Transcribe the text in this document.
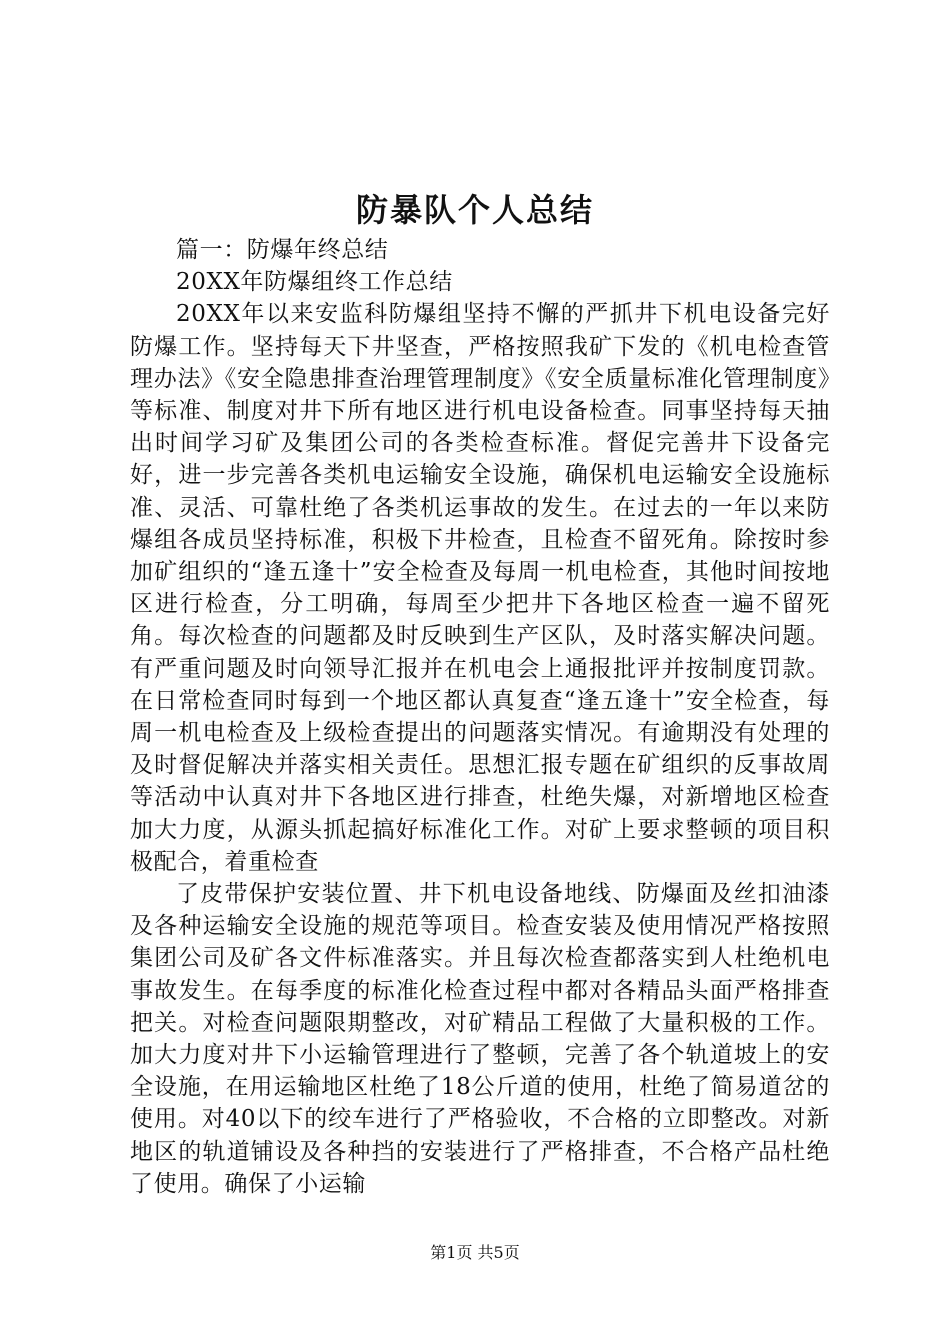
防暴队个人总结

篇一：防爆年终总结

20XX年防爆组终工作总结

20XX年以来安监科防爆组坚持不懈的严抓井下机电设备完好防爆工作。坚持每天下井坚查，严格按照我矿下发的《机电检查管理办法》《安全隐患排查治理管理制度》《安全质量标准化管理制度》等标准、制度对井下所有地区进行机电设备检查。同事坚持每天抽出时间学习矿及集团公司的各类检查标准。督促完善井下设备完好，进一步完善各类机电运输安全设施，确保机电运输安全设施标准、灵活、可靠杜绝了各类机运事故的发生。在过去的一年以来防爆组各成员坚持标准，积极下井检查，且检查不留死角。除按时参加矿组织的“逢五逢十”安全检查及每周一机电检查，其他时间按地区进行检查，分工明确，每周至少把井下各地区检查一遍不留死角。每次检查的问题都及时反映到生产区队，及时落实解决问题。有严重问题及时向领导汇报并在机电会上通报批评并按制度罚款。在日常检查同时每到一个地区都认真复查“逢五逢十”安全检查，每周一机电检查及上级检查提出的问题落实情况。有逾期没有处理的及时督促解决并落实相关责任。思想汇报专题在矿组织的反事故周等活动中认真对井下各地区进行排查，杜绝失爆，对新增地区检查加大力度，从源头抓起搞好标准化工作。对矿上要求整顿的项目积极配合，着重检查

了皮带保护安装位置、井下机电设备地线、防爆面及丝扣油漆及各种运输安全设施的规范等项目。检查安装及使用情况严格按照集团公司及矿各文件标准落实。并且每次检查都落实到人杜绝机电事故发生。在每季度的标准化检查过程中都对各精品头面严格排查把关。对检查问题限期整改，对矿精品工程做了大量积极的工作。加大力度对井下小运输管理进行了整顿，完善了各个轨道坡上的安全设施，在用运输地区杜绝了18公斤道的使用，杜绝了简易道岔的使用。对40以下的绞车进行了严格验收，不合格的立即整改。对新地区的轨道铺设及各种挡的安装进行了严格排查，不合格产品杜绝了使用。确保了小运输

第1页 共5页
